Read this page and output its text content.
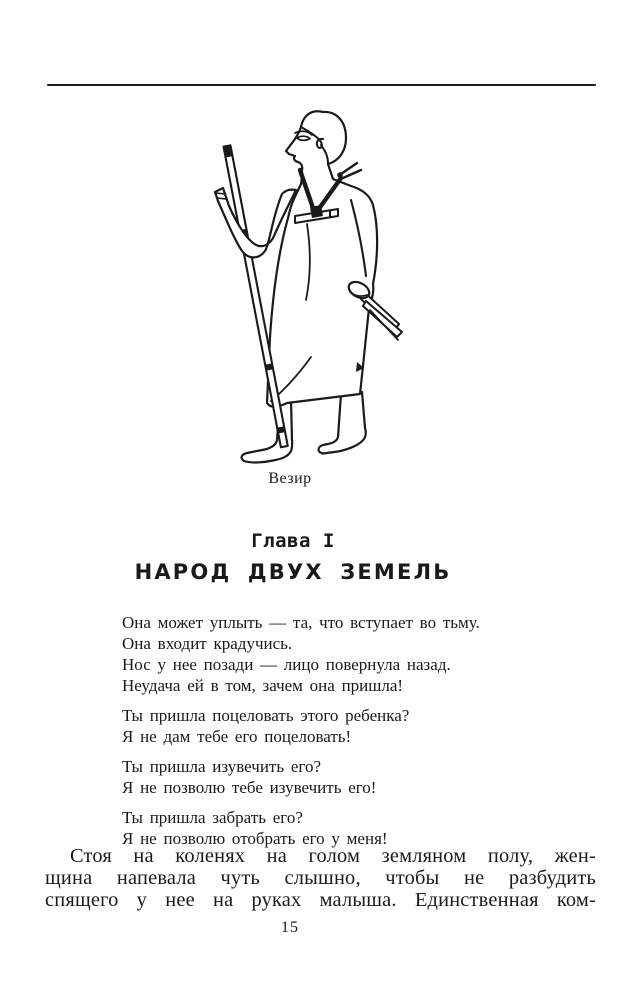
Везир
Глава I
НАРОД ДВУХ ЗЕМЕЛЬ
Она может уплыть — та, что вступает во тьму.
Она входит крадучись.
Нос у нее позади — лицо повернула назад.
Неудача ей в том, зачем она пришла!
Ты пришла поцеловать этого ребенка?
Я не дам тебе его поцеловать!
Ты пришла изувечить его?
Я не позволю тебе изувечить его!
Ты пришла забрать его?
Я не позволю отобрать его у меня!
Стоя на коленях на голом земляном полу, жен-
щина напевала чуть слышно, чтобы не разбудить
спящего у нее на руках малыша. Единственная ком-
15
